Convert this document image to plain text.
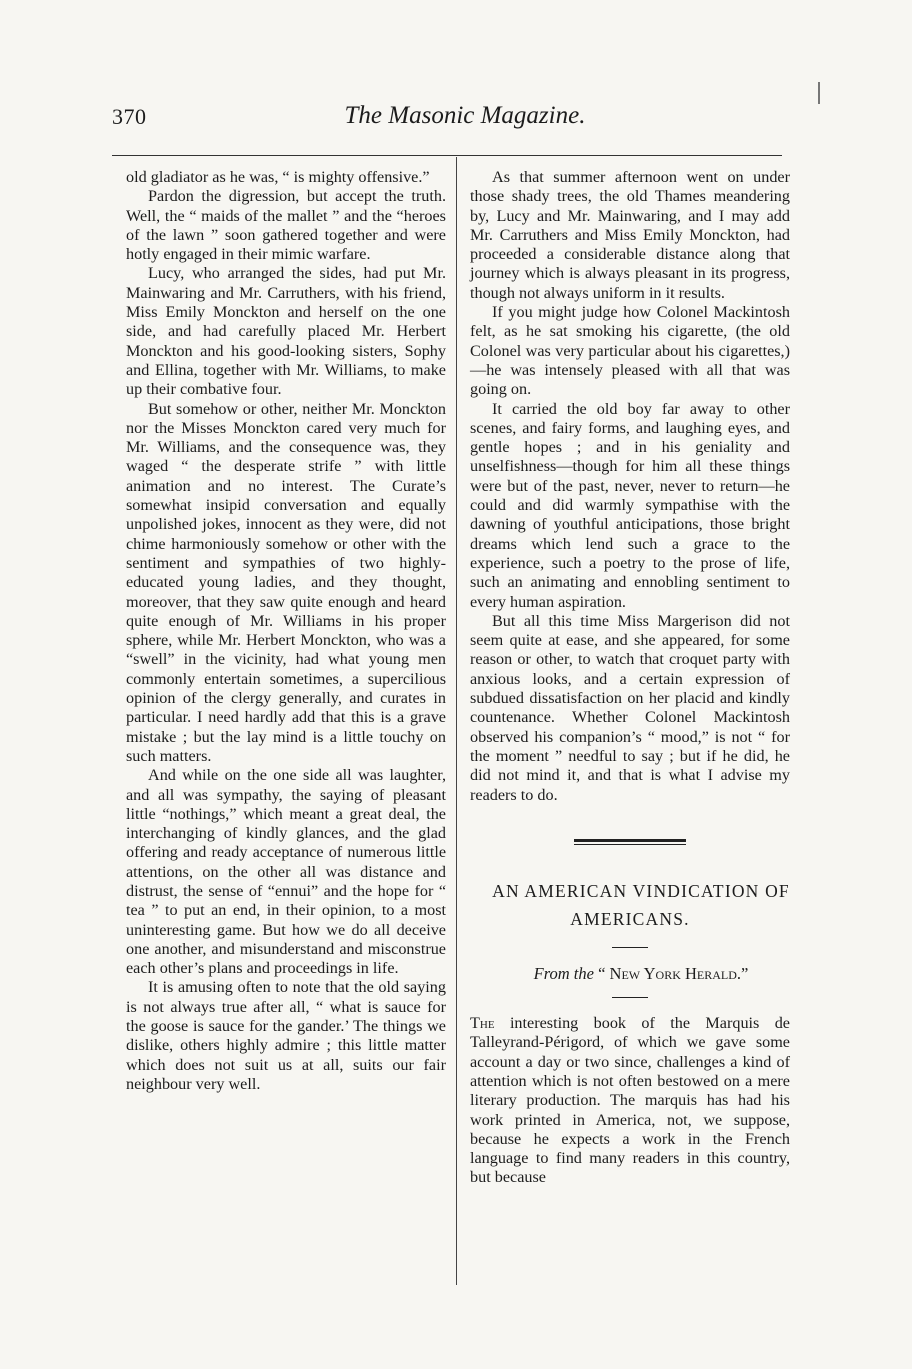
370	The Masonic Magazine.

old gladiator as he was, “ is mighty offensive.”

Pardon the digression, but accept the truth. Well, the “ maids of the mallet ” and the “heroes of the lawn ” soon gathered together and were hotly engaged in their mimic warfare.

Lucy, who arranged the sides, had put Mr. Mainwaring and Mr. Carruthers, with his friend, Miss Emily Monckton and herself on the one side, and had carefully placed Mr. Herbert Monckton and his good-looking sisters, Sophy and Ellina, together with Mr. Williams, to make up their combative four.

But somehow or other, neither Mr. Monckton nor the Misses Monckton cared very much for Mr. Williams, and the consequence was, they waged “ the desperate strife ” with little animation and no interest. The Curate’s somewhat insipid conversation and equally unpolished jokes, innocent as they were, did not chime harmoniously somehow or other with the sentiment and sympathies of two highly-educated young ladies, and they thought, moreover, that they saw quite enough and heard quite enough of Mr. Williams in his proper sphere, while Mr. Herbert Monckton, who was a “swell” in the vicinity, had what young men commonly entertain sometimes, a supercilious opinion of the clergy generally, and curates in particular. I need hardly add that this is a grave mistake ; but the lay mind is a little touchy on such matters.

And while on the one side all was laughter, and all was sympathy, the saying of pleasant little “nothings,” which meant a great deal, the interchanging of kindly glances, and the glad offering and ready acceptance of numerous little attentions, on the other all was distance and distrust, the sense of “ennui” and the hope for “ tea ” to put an end, in their opinion, to a most uninteresting game. But how we do all deceive one another, and misunderstand and misconstrue each other’s plans and proceedings in life.

It is amusing often to note that the old saying is not always true after all, “ what is sauce for the goose is sauce for the gander.’ The things we dislike, others highly admire ; this little matter which does not suit us at all, suits our fair neighbour very well.

As that summer afternoon went on under those shady trees, the old Thames meandering by, Lucy and Mr. Mainwaring, and I may add Mr. Carruthers and Miss Emily Monckton, had proceeded a considerable distance along that journey which is always pleasant in its progress, though not always uniform in it results.

If you might judge how Colonel Mackintosh felt, as he sat smoking his cigarette, (the old Colonel was very particular about his cigarettes,)—he was intensely pleased with all that was going on.

It carried the old boy far away to other scenes, and fairy forms, and laughing eyes, and gentle hopes ; and in his geniality and unselfishness—though for him all these things were but of the past, never, never to return—he could and did warmly sympathise with the dawning of youthful anticipations, those bright dreams which lend such a grace to the experience, such a poetry to the prose of life, such an animating and ennobling sentiment to every human aspiration.

But all this time Miss Margerison did not seem quite at ease, and she appeared, for some reason or other, to watch that croquet party with anxious looks, and a certain expression of subdued dissatisfaction on her placid and kindly countenance. Whether Colonel Mackintosh observed his companion’s “ mood,” is not “ for the moment ” needful to say ; but if he did, he did not mind it, and that is what I advise my readers to do.

AN AMERICAN VINDICATION OF AMERICANS.

From the “ New York Herald.”

The interesting book of the Marquis de Talleyrand-Périgord, of which we gave some account a day or two since, challenges a kind of attention which is not often bestowed on a mere literary production. The marquis has had his work printed in America, not, we suppose, because he expects a work in the French language to find many readers in this country, but because
